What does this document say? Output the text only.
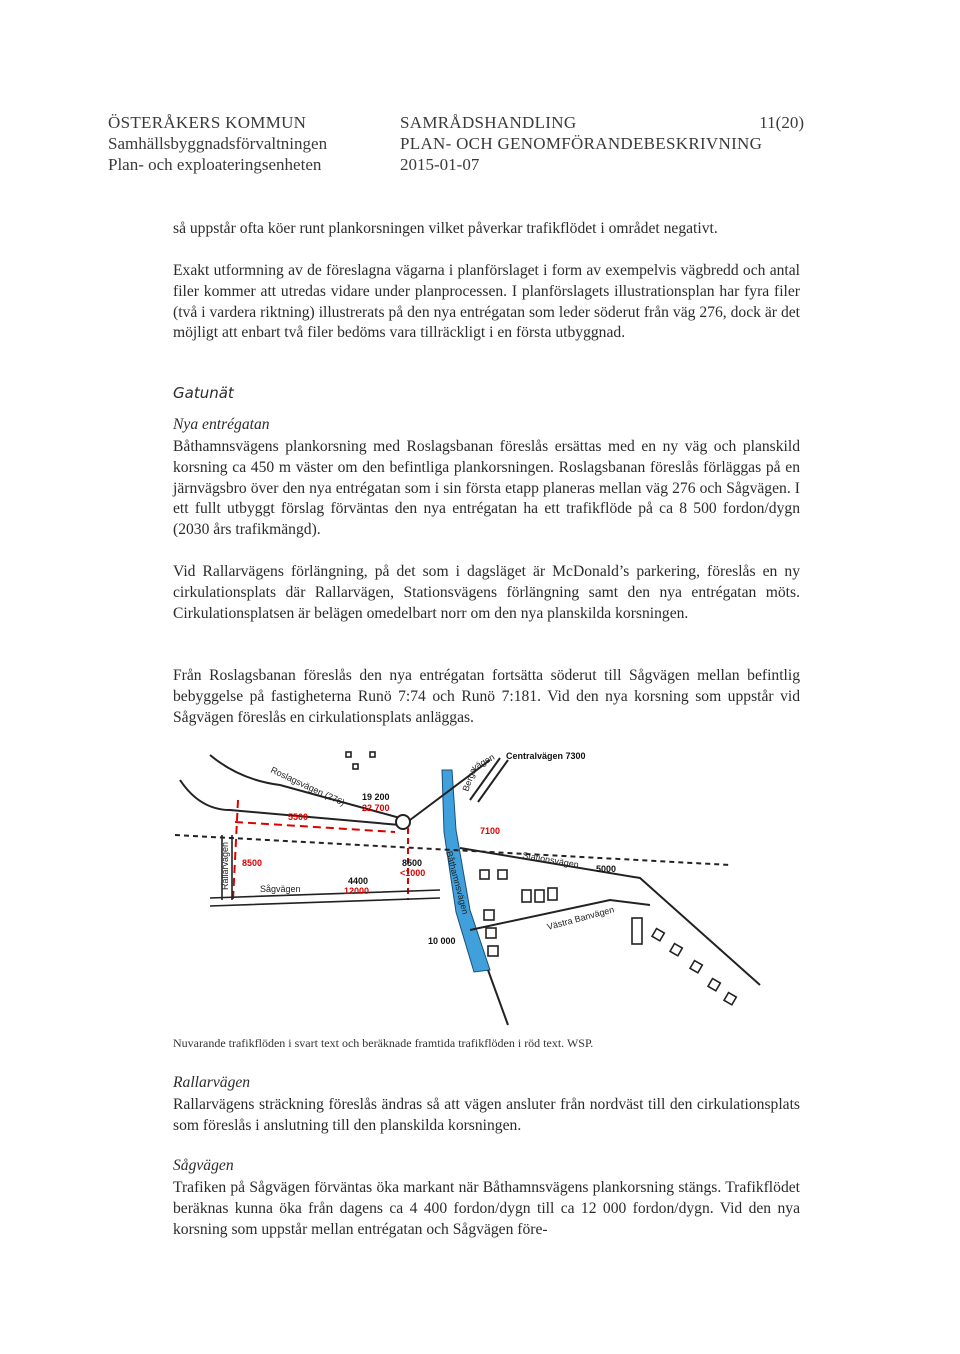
ÖSTERÅKERS KOMMUN
Samhällsbyggnadsförvaltningen
Plan- och exploateringsenheten
SAMRÅDSHANDLING	11(20)
PLAN- OCH GENOMFÖRANDEBESKRIVNING
2015-01-07
så uppstår ofta köer runt plankorsningen vilket påverkar trafikflödet i området negativt.
Exakt utformning av de föreslagna vägarna i planförslaget i form av exempelvis vägbredd och antal filer kommer att utredas vidare under planprocessen. I planförslagets illustrationsplan har fyra filer (två i vardera riktning) illustrerats på den nya entrégatan som leder söderut från väg 276, dock är det möjligt att enbart två filer bedöms vara tillräckligt i en första utbyggnad.
Gatunät
Nya entrégatan
Båthamnsvägens plankorsning med Roslagsbanan föreslås ersättas med en ny väg och planskild korsning ca 450 m väster om den befintliga plankorsningen. Roslagsbanan föreslås förläggas på en järnvägsbro över den nya entrégatan som i sin första etapp planeras mellan väg 276 och Sågvägen. I ett fullt utbyggt förslag förväntas den nya entrégatan ha ett trafikflöde på ca 8 500 fordon/dygn (2030 års trafikmängd).
Vid Rallarvägens förlängning, på det som i dagsläget är McDonald’s parkering, föreslås en ny cirkulationsplats där Rallarvägen, Stationsvägens förlängning samt den nya entrégatan möts. Cirkulationsplatsen är belägen omedelbart norr om den nya planskilda korsningen.
Från Roslagsbanan föreslås den nya entrégatan fortsätta söderut till Sågvägen mellan befintlig bebyggelse på fastigheterna Runö 7:74 och Runö 7:181. Vid den nya korsning som uppstår vid Sågvägen föreslås en cirkulationsplats anläggas.
Roslagsvägen (276)
Centralvägen 7300
vägen
Berga
Rallarvägen	Sågvägen	Båthamnsvägen	Stationsvägen
Västra Banvägen
19 200
8500
4400
10 000
5000
22 700
5500
8500
7100
<1000
12000
Nuvarande trafikflöden i svart text och beräknade framtida trafikflöden i röd text. WSP.
Rallarvägen
Rallarvägens sträckning föreslås ändras så att vägen ansluter från nordväst till den cirkulationsplats som föreslås i anslutning till den planskilda korsningen.
Sågvägen
Trafiken på Sågvägen förväntas öka markant när Båthamnsvägens plankorsning stängs. Trafikflödet beräknas kunna öka från dagens ca 4 400 fordon/dygn till ca 12 000 fordon/dygn. Vid den nya korsning som uppstår mellan entrégatan och Sågvägen före-
